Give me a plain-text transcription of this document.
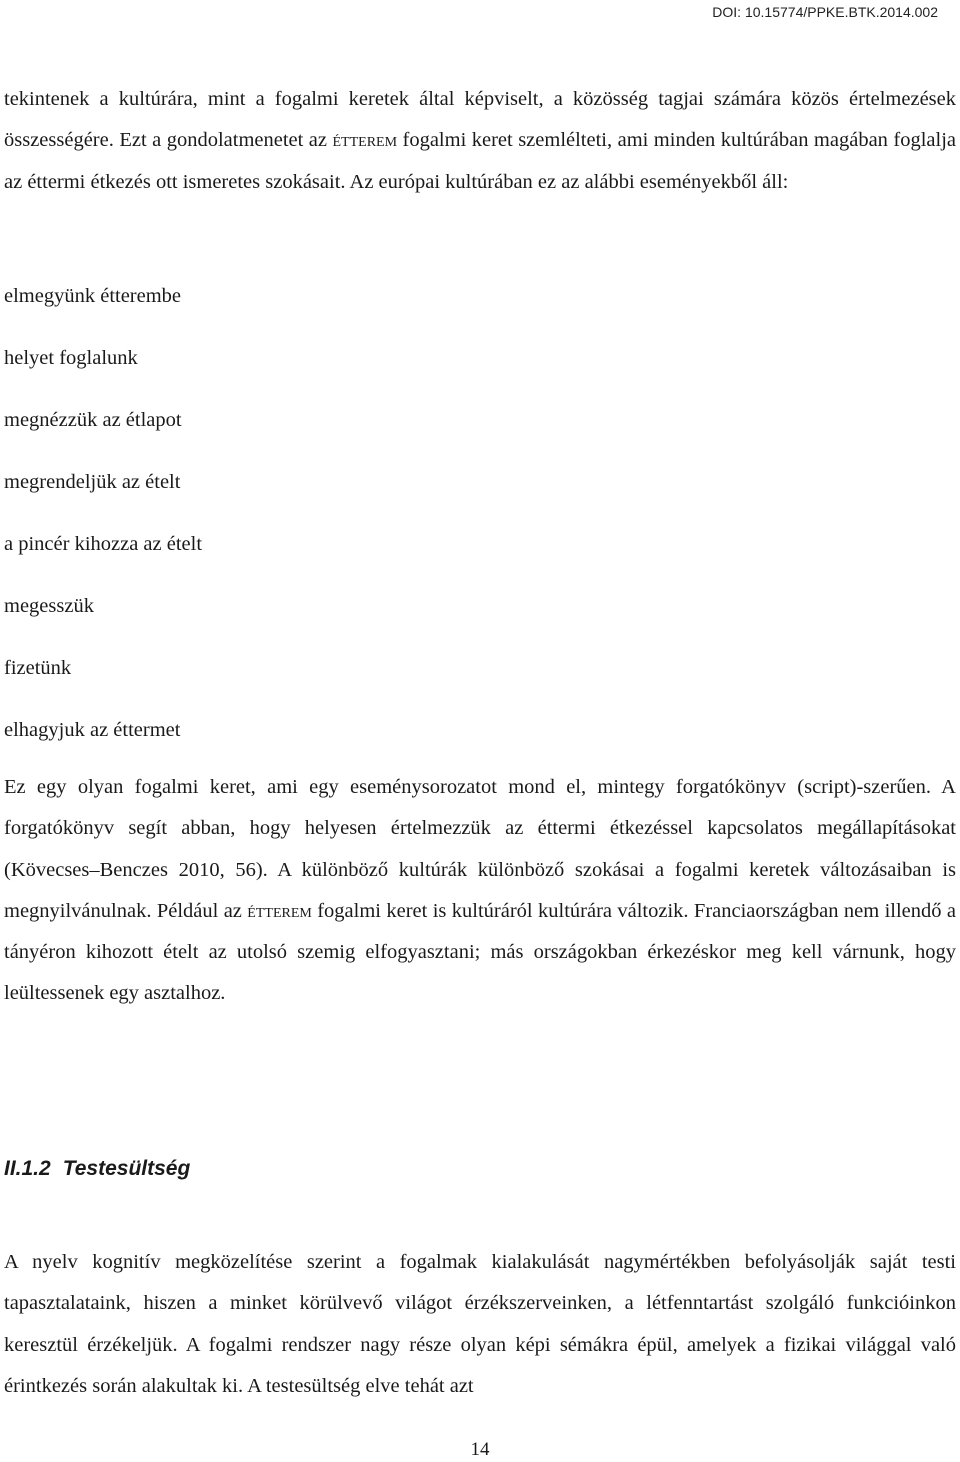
DOI: 10.15774/PPKE.BTK.2014.002

tekintenek a kultúrára, mint a fogalmi keretek által képviselt, a közösség tagjai számára közös értelmezések összességére. Ezt a gondolatmenetet az étterem fogalmi keret szemlélteti, ami minden kultúrában magában foglalja az éttermi étkezés ott ismeretes szokásait. Az európai kultúrában ez az alábbi eseményekből áll:

elmegyünk étterembe

helyet foglalunk

megnézzük az étlapot

megrendeljük az ételt

a pincér kihozza az ételt

megesszük

fizetünk

elhagyjuk az éttermet

Ez egy olyan fogalmi keret, ami egy eseménysorozatot mond el, mintegy forgatókönyv (script)-szerűen. A forgatókönyv segít abban, hogy helyesen értelmezzük az éttermi étkezéssel kapcsolatos megállapításokat (Kövecses–Benczes 2010, 56). A különböző kultúrák különböző szokásai a fogalmi keretek változásaiban is megnyilvánulnak. Például az étterem fogalmi keret is kultúráról kultúrára változik. Franciaországban nem illendő a tányéron kihozott ételt az utolsó szemig elfogyasztani; más országokban érkezéskor meg kell várnunk, hogy leültessenek egy asztalhoz.

II.1.2 Testesültség

A nyelv kognitív megközelítése szerint a fogalmak kialakulását nagymértékben befolyásolják saját testi tapasztalataink, hiszen a minket körülvevő világot érzékszerveinken, a létfenntartást szolgáló funkcióinkon keresztül érzékeljük. A fogalmi rendszer nagy része olyan képi sémákra épül, amelyek a fizikai világgal való érintkezés során alakultak ki. A testesültség elve tehát azt

14
